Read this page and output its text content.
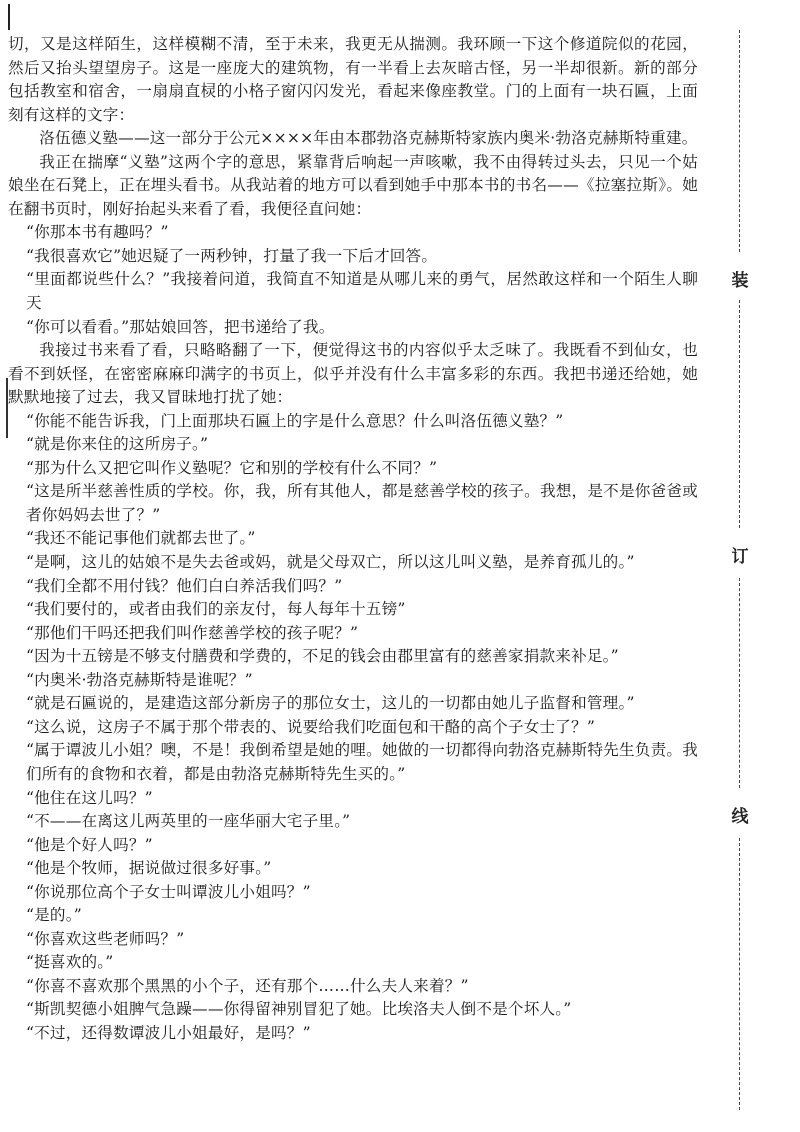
切，又是这样陌生，这样模糊不清，至于未来，我更无从揣测。我环顾一下这个修道院似的花园，然后又抬头望望房子。这是一座庞大的建筑物，有一半看上去灰暗古怪，另一半却很新。新的部分包括教室和宿舍，一扇扇直棂的小格子窗闪闪发光，看起来像座教堂。门的上面有一块石匾，上面刻有这样的文字：

洛伍德义塾——这一部分于公元××××年由本郡勃洛克赫斯特家族内奥米·勃洛克赫斯特重建。

我正在揣摩“义塾”这两个字的意思，紧靠背后响起一声咳嗽，我不由得转过头去，只见一个姑娘坐在石凳上，正在埋头看书。从我站着的地方可以看到她手中那本书的书名——《拉塞拉斯》。她在翻书页时，刚好抬起头来看了看，我便径直问她：

“你那本书有趣吗？”

“我很喜欢它”她迟疑了一两秒钟，打量了我一下后才回答。

“里面都说些什么？”我接着问道，我简直不知道是从哪儿来的勇气，居然敢这样和一个陌生人聊天

“你可以看看。”那姑娘回答，把书递给了我。

我接过书来看了看，只略略翻了一下，便觉得这书的内容似乎太乏味了。我既看不到仙女，也看不到妖怪，在密密麻麻印满字的书页上，似乎并没有什么丰富多彩的东西。我把书递还给她，她默默地接了过去，我又冒昧地打扰了她：

“你能不能告诉我，门上面那块石匾上的字是什么意思？什么叫洛伍德义塾？”

“就是你来住的这所房子。”

“那为什么又把它叫作义塾呢？它和别的学校有什么不同？”

“这是所半慈善性质的学校。你，我，所有其他人，都是慈善学校的孩子。我想，是不是你爸爸或者你妈妈去世了？”

“我还不能记事他们就都去世了。”

“是啊，这儿的姑娘不是失去爸或妈，就是父母双亡，所以这儿叫义塾，是养育孤儿的。”

“我们全都不用付钱？他们白白养活我们吗？”

“我们要付的，或者由我们的亲友付，每人每年十五镑”

“那他们干吗还把我们叫作慈善学校的孩子呢？”

“因为十五镑是不够支付膳费和学费的，不足的钱会由郡里富有的慈善家捐款来补足。”

“内奥米·勃洛克赫斯特是谁呢？”

“就是石匾说的，是建造这部分新房子的那位女士，这儿的一切都由她儿子监督和管理。”

“这么说，这房子不属于那个带表的、说要给我们吃面包和干酪的高个子女士了？”

“属于谭波儿小姐？噢，不是！我倒希望是她的哩。她做的一切都得向勃洛克赫斯特先生负责。我们所有的食物和衣着，都是由勃洛克赫斯特先生买的。”

“他住在这儿吗？”

“不——在离这儿两英里的一座华丽大宅子里。”

“他是个好人吗？”

“他是个牧师，据说做过很多好事。”

“你说那位高个子女士叫谭波儿小姐吗？”

“是的。”

“你喜欢这些老师吗？”

“挺喜欢的。”

“你喜不喜欢那个黑黑的小个子，还有那个……什么夫人来着？”

“斯凯契德小姐脾气急躁——你得留神别冒犯了她。比埃洛夫人倒不是个坏人。”

“不过，还得数谭波儿小姐最好，是吗？”

装
订
线
